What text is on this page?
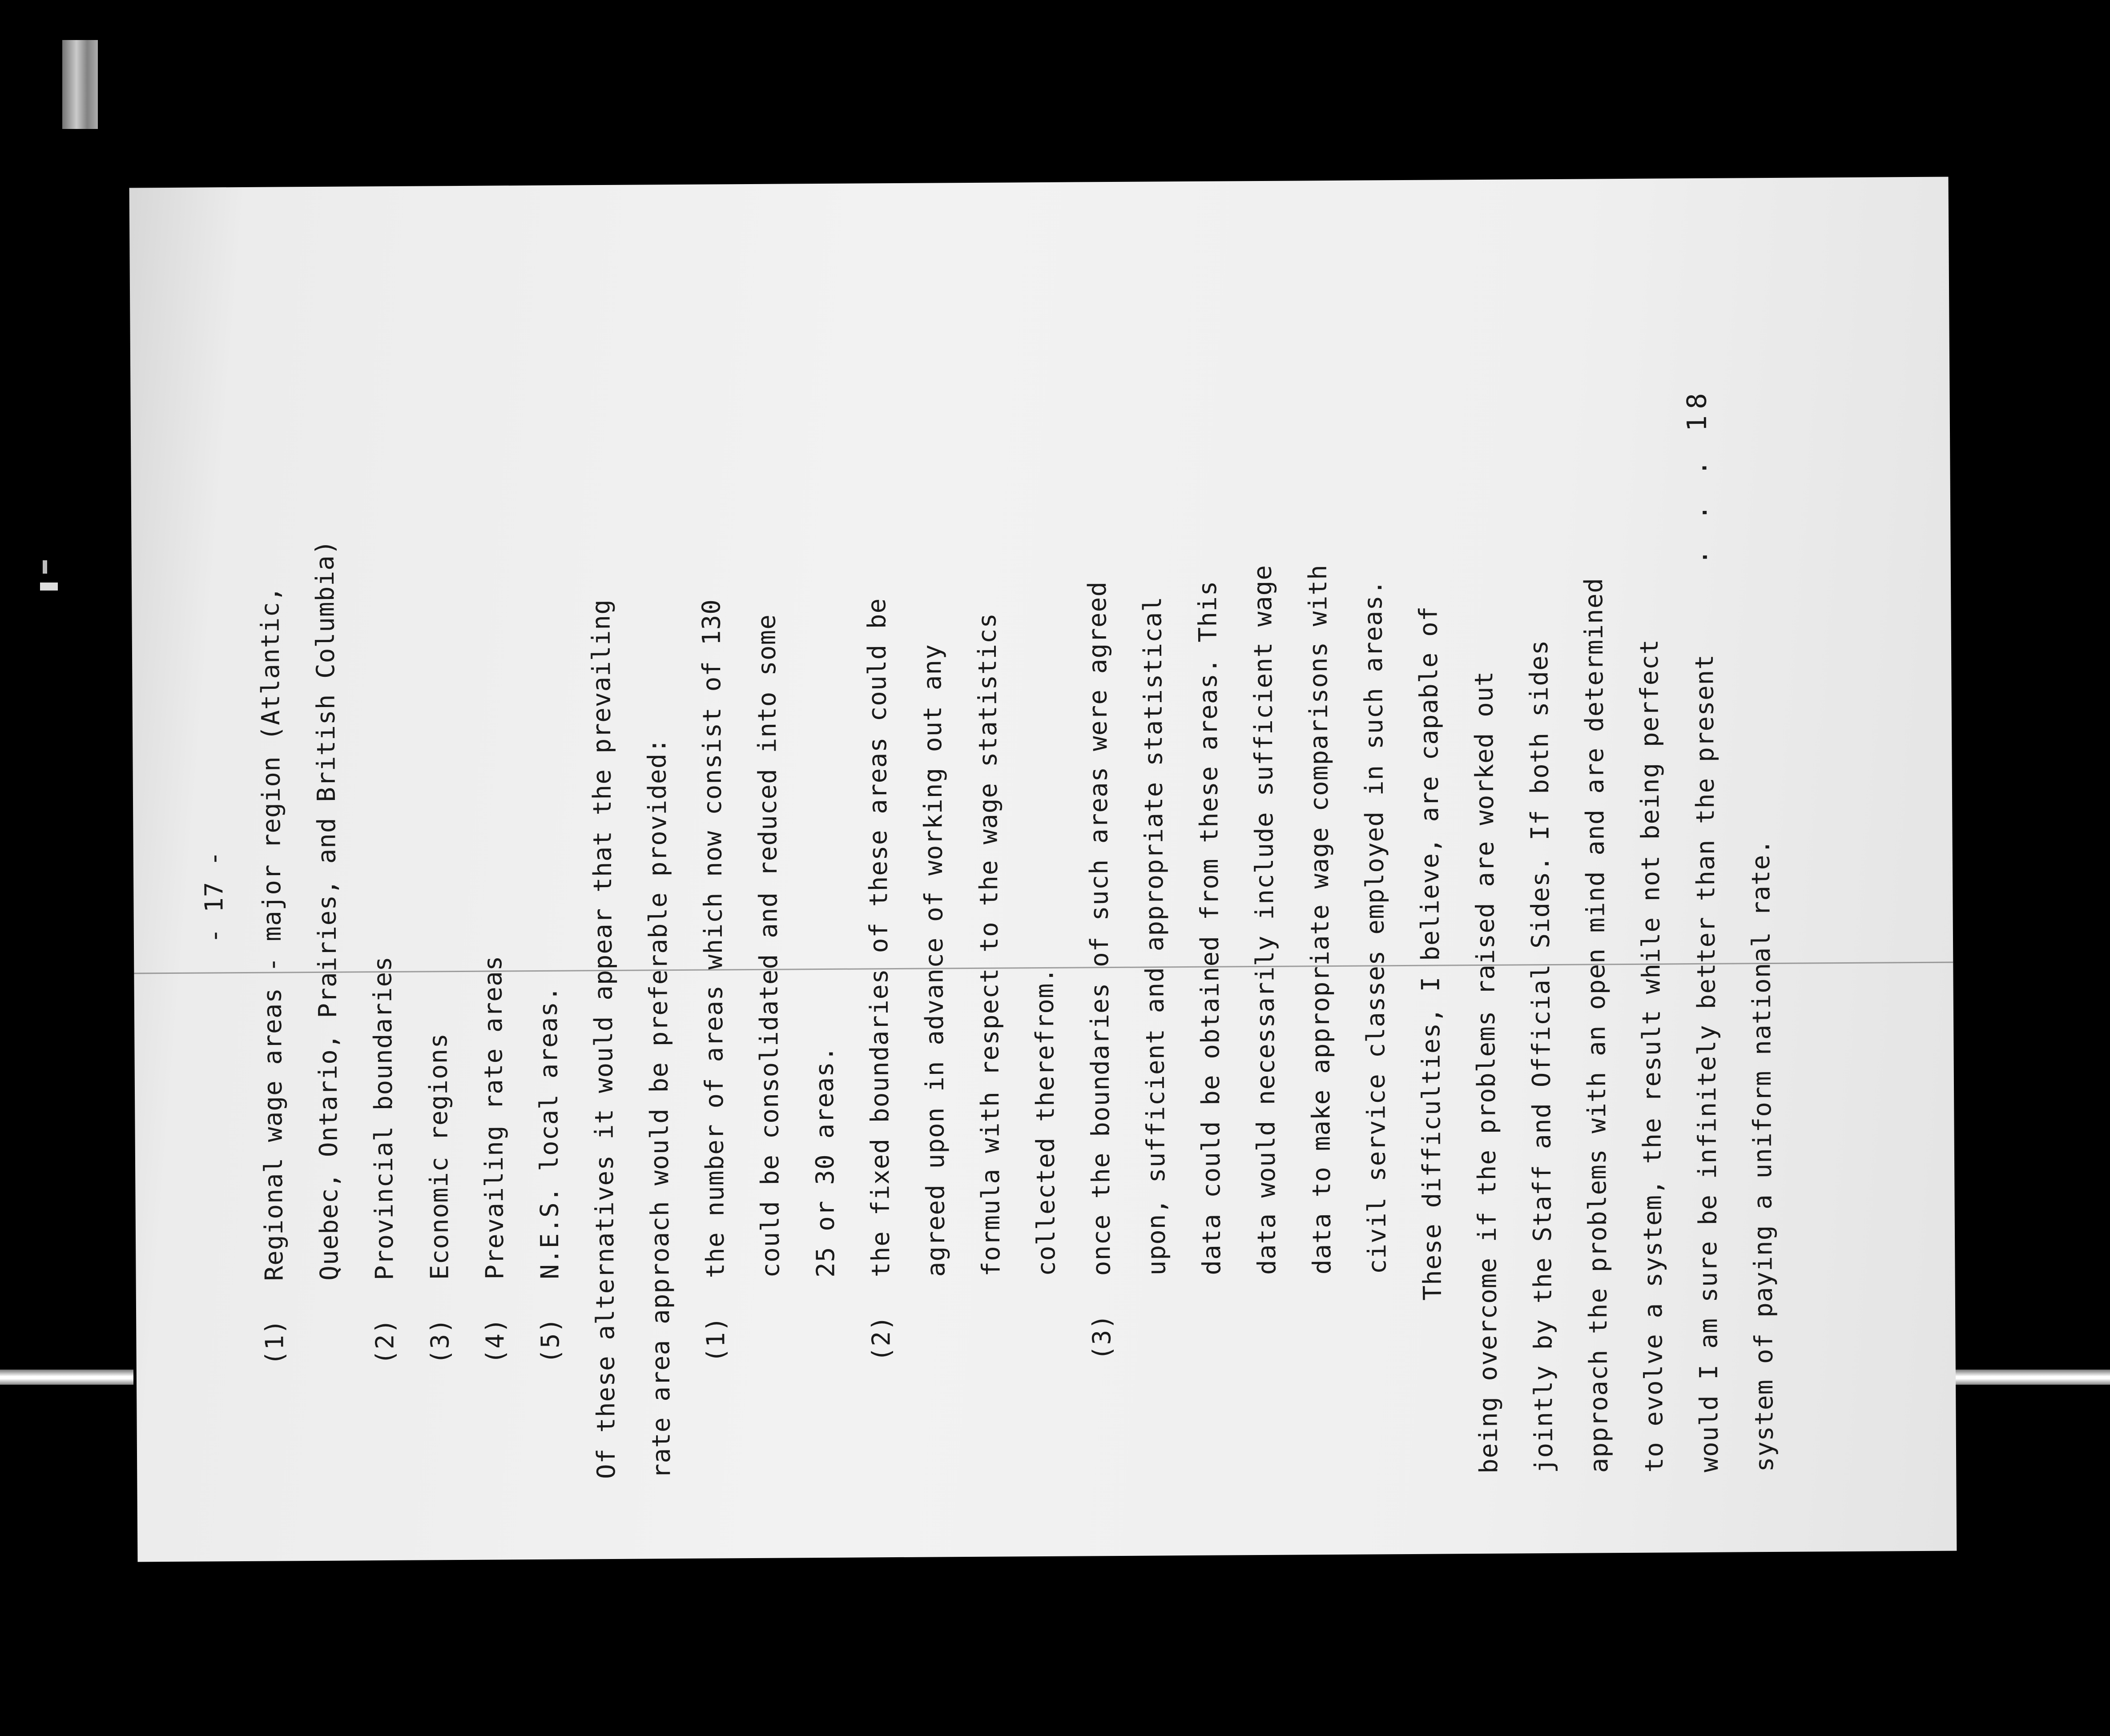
- 17 -
(1)Regional wage areas - major region (Atlantic, Quebec, Ontario, Prairies, and British Columbia)
(2)Provincial boundaries
(3)Economic regions
(4)Prevailing rate areas
(5)N.E.S. local areas. Of these alternatives it would appear that the prevailing rate area approach would be preferable provided:	(1)the number of areas which now consist of 130 could be consolidated and reduced into some 25 or 30 areas.
(2)the fixed boundaries of these areas could be agreed upon in advance of working out any formula with respect to the wage statistics collected therefrom.
(3)once the boundaries of such areas were agreed upon, sufficient and appropriate statistical data could be obtained from these areas. This data would necessarily include sufficient wage data to make appropriate wage comparisons with civil service classes employed in such areas. These difficulties, I believe, are capable of being overcome if the problems raised are worked out jointly by the Staff and Official Sides. If both sides approach the problems with an open mind and are determined to evolve a system, the result while not being perfect would I am sure be infinitely better than the present system of paying a uniform national rate.
. . . 18
